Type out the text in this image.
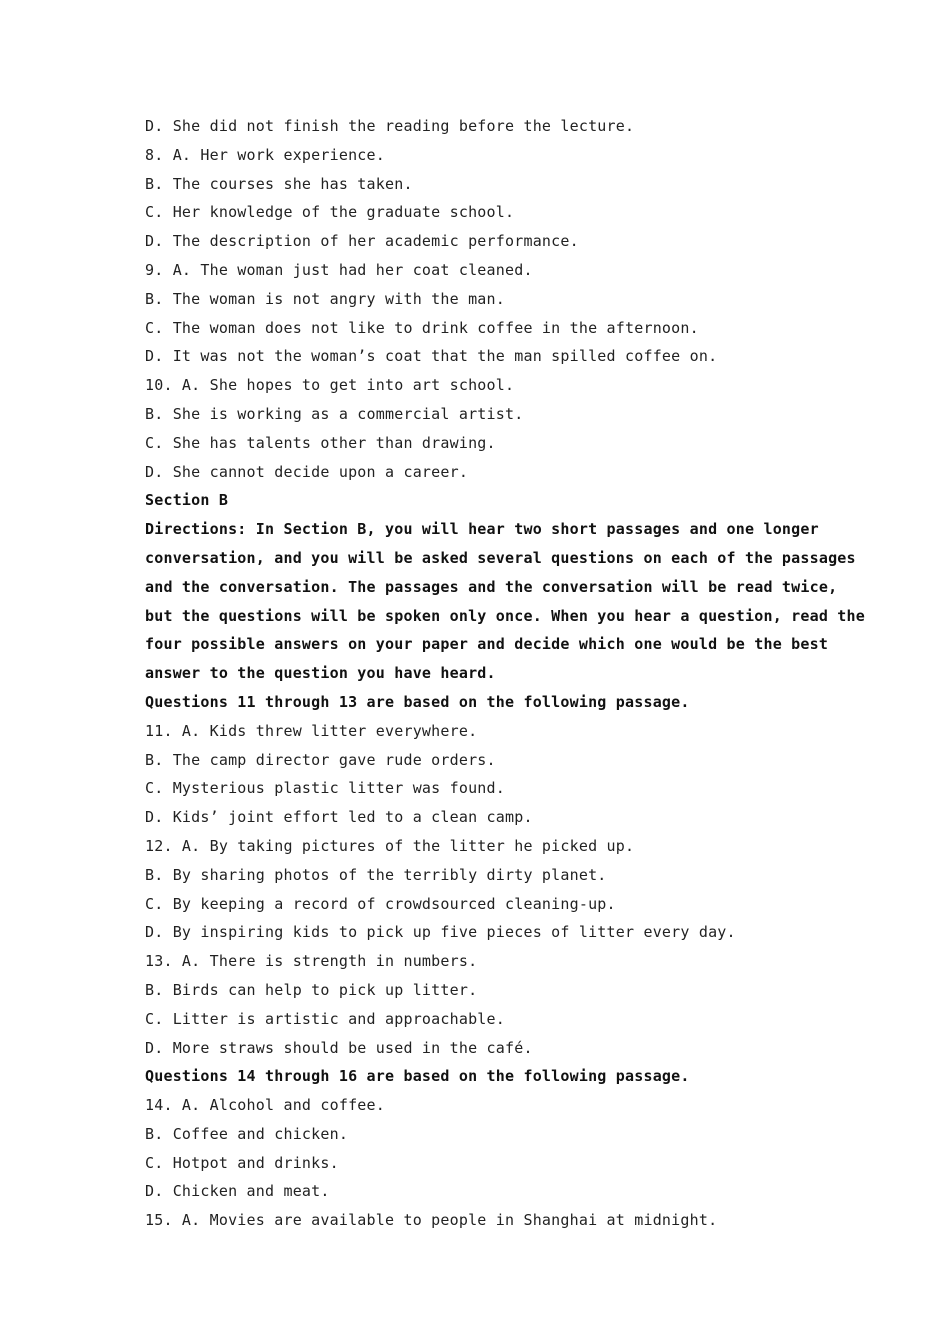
D. She did not finish the reading before the lecture.
8. A. Her work experience.
B. The courses she has taken.
C. Her knowledge of the graduate school.
D. The description of her academic performance.
9. A. The woman just had her coat cleaned.
B. The woman is not angry with the man.
C. The woman does not like to drink coffee in the afternoon.
D. It was not the woman’s coat that the man spilled coffee on.
10. A. She hopes to get into art school.
B. She is working as a commercial artist.
C. She has talents other than drawing.
D. She cannot decide upon a career.
Section B
Directions: In Section B, you will hear two short passages and one longer
conversation, and you will be asked several questions on each of the passages
and the conversation. The passages and the conversation will be read twice,
but the questions will be spoken only once. When you hear a question, read the
four possible answers on your paper and decide which one would be the best
answer to the question you have heard.
Questions 11 through 13 are based on the following passage.
11. A. Kids threw litter everywhere.
B. The camp director gave rude orders.
C. Mysterious plastic litter was found.
D. Kids’ joint effort led to a clean camp.
12. A. By taking pictures of the litter he picked up.
B. By sharing photos of the terribly dirty planet.
C. By keeping a record of crowdsourced cleaning-up.
D. By inspiring kids to pick up five pieces of litter every day.
13. A. There is strength in numbers.
B. Birds can help to pick up litter.
C. Litter is artistic and approachable.
D. More straws should be used in the café.
Questions 14 through 16 are based on the following passage.
14. A. Alcohol and coffee.
B. Coffee and chicken.
C. Hotpot and drinks.
D. Chicken and meat.
15. A. Movies are available to people in Shanghai at midnight.
